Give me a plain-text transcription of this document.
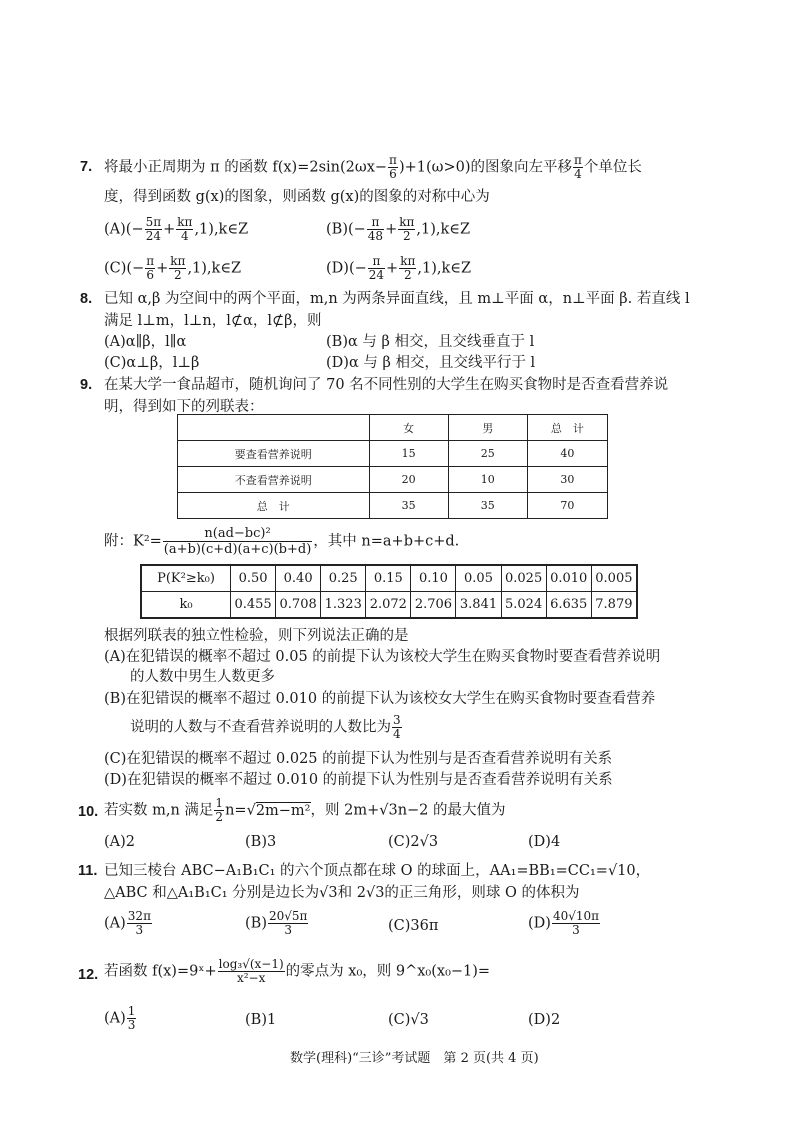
7. 将最小正周期为 π 的函数 $f(x)=2\sin(2\omega x- \frac{\pi}{6} )+1(\omega>0)$的图象向左平移 $\frac{\pi}{4}$ 个单位长
度，得到函数 g(x)的图象，则函数 g(x)的图象的对称中心为
$(A)(- \frac{5\pi}{24} + \frac{k\pi}{4}$ ,1),k∈Z	$(B)(- \frac{\pi}{48} + \frac{k\pi}{2}$ ,1),k∈Z
$(C)(- \frac{\pi}{6} + \frac{k\pi}{2}$ ,1),k∈Z	$(D)(- \frac{\pi}{24} + \frac{k\pi}{2}$ ,1),k∈Z
8. 已知 α,β 为空间中的两个平面，m,n 为两条异面直线，且 m⊥平面 α，n⊥平面 β. 若直线 l
满足 l⊥m，l⊥n，l⊄α，l⊄β，则
(A)α∥β，l∥α	(B)α 与 β 相交，且交线垂直于 l
(C)α⊥β，l⊥β	(D)α 与 β 相交，且交线平行于 l
9. 在某大学一食品超市，随机询问了 70 名不同性别的大学生在购买食物时是否查看营养说
明，得到如下的列联表：
	女	男	总　计
要查看营养说明	15	25	40
不查看营养说明	20	10	30
总　计	35	35	70
附：$K^2= \frac{\text{n(ad−bc)²}}{(a+b)(c+d)(a+c)(b+d)}$ ，其中 n=a+b+c+d.
P(K²≥k₀)	0.50	0.40	0.25	0.15	0.10	0.05	0.025	0.010	0.005
k₀	0.455	0.708	1.323	2.072	2.706	3.841	5.024	6.635	7.879
根据列联表的独立性检验，则下列说法正确的是
(A)在犯错误的概率不超过 0.05 的前提下认为该校大学生在购买食物时要查看营养说明
的人数中男生人数更多
(B)在犯错误的概率不超过 0.010 的前提下认为该校女大学生在购买食物时要查看营养
说明的人数与不查看营养说明的人数比为 $\frac{3}{4}$
(C)在犯错误的概率不超过 0.025 的前提下认为性别与是否查看营养说明有关系
(D)在犯错误的概率不超过 0.010 的前提下认为性别与是否查看营养说明有关系
10. 若实数 m,n 满足 $\frac{1}{2} n=√2m-m^2$，则 2m+√3n−2 的最大值为
(A)2	(B)3	(C)2√3	(D)4
11. 已知三棱台 ABC−A₁B₁C₁ 的六个顶点都在球 O 的球面上，AA₁=BB₁=CC₁=√10，
△ABC 和△A₁B₁C₁ 分别是边长为√3和 2√3的正三角形，则球 O 的体积为
$(A) \frac{32\pi}{3}$	$(B) \frac{20√5\pi}{3}$	(C)36π	$(D) \frac{40√10\pi}{3}$
12. 若函数 f(x)=9ˣ+ $\frac{\text{log₃√(x−1)}}{\text{x²−x}}$ 的零点为 x₀，则 9^x₀(x₀−1)=
$(A) \frac{1}{3}$	(B)1	(C)√3	(D)2
数学(理科)“三诊”考试题　第 2 页(共 4 页)
